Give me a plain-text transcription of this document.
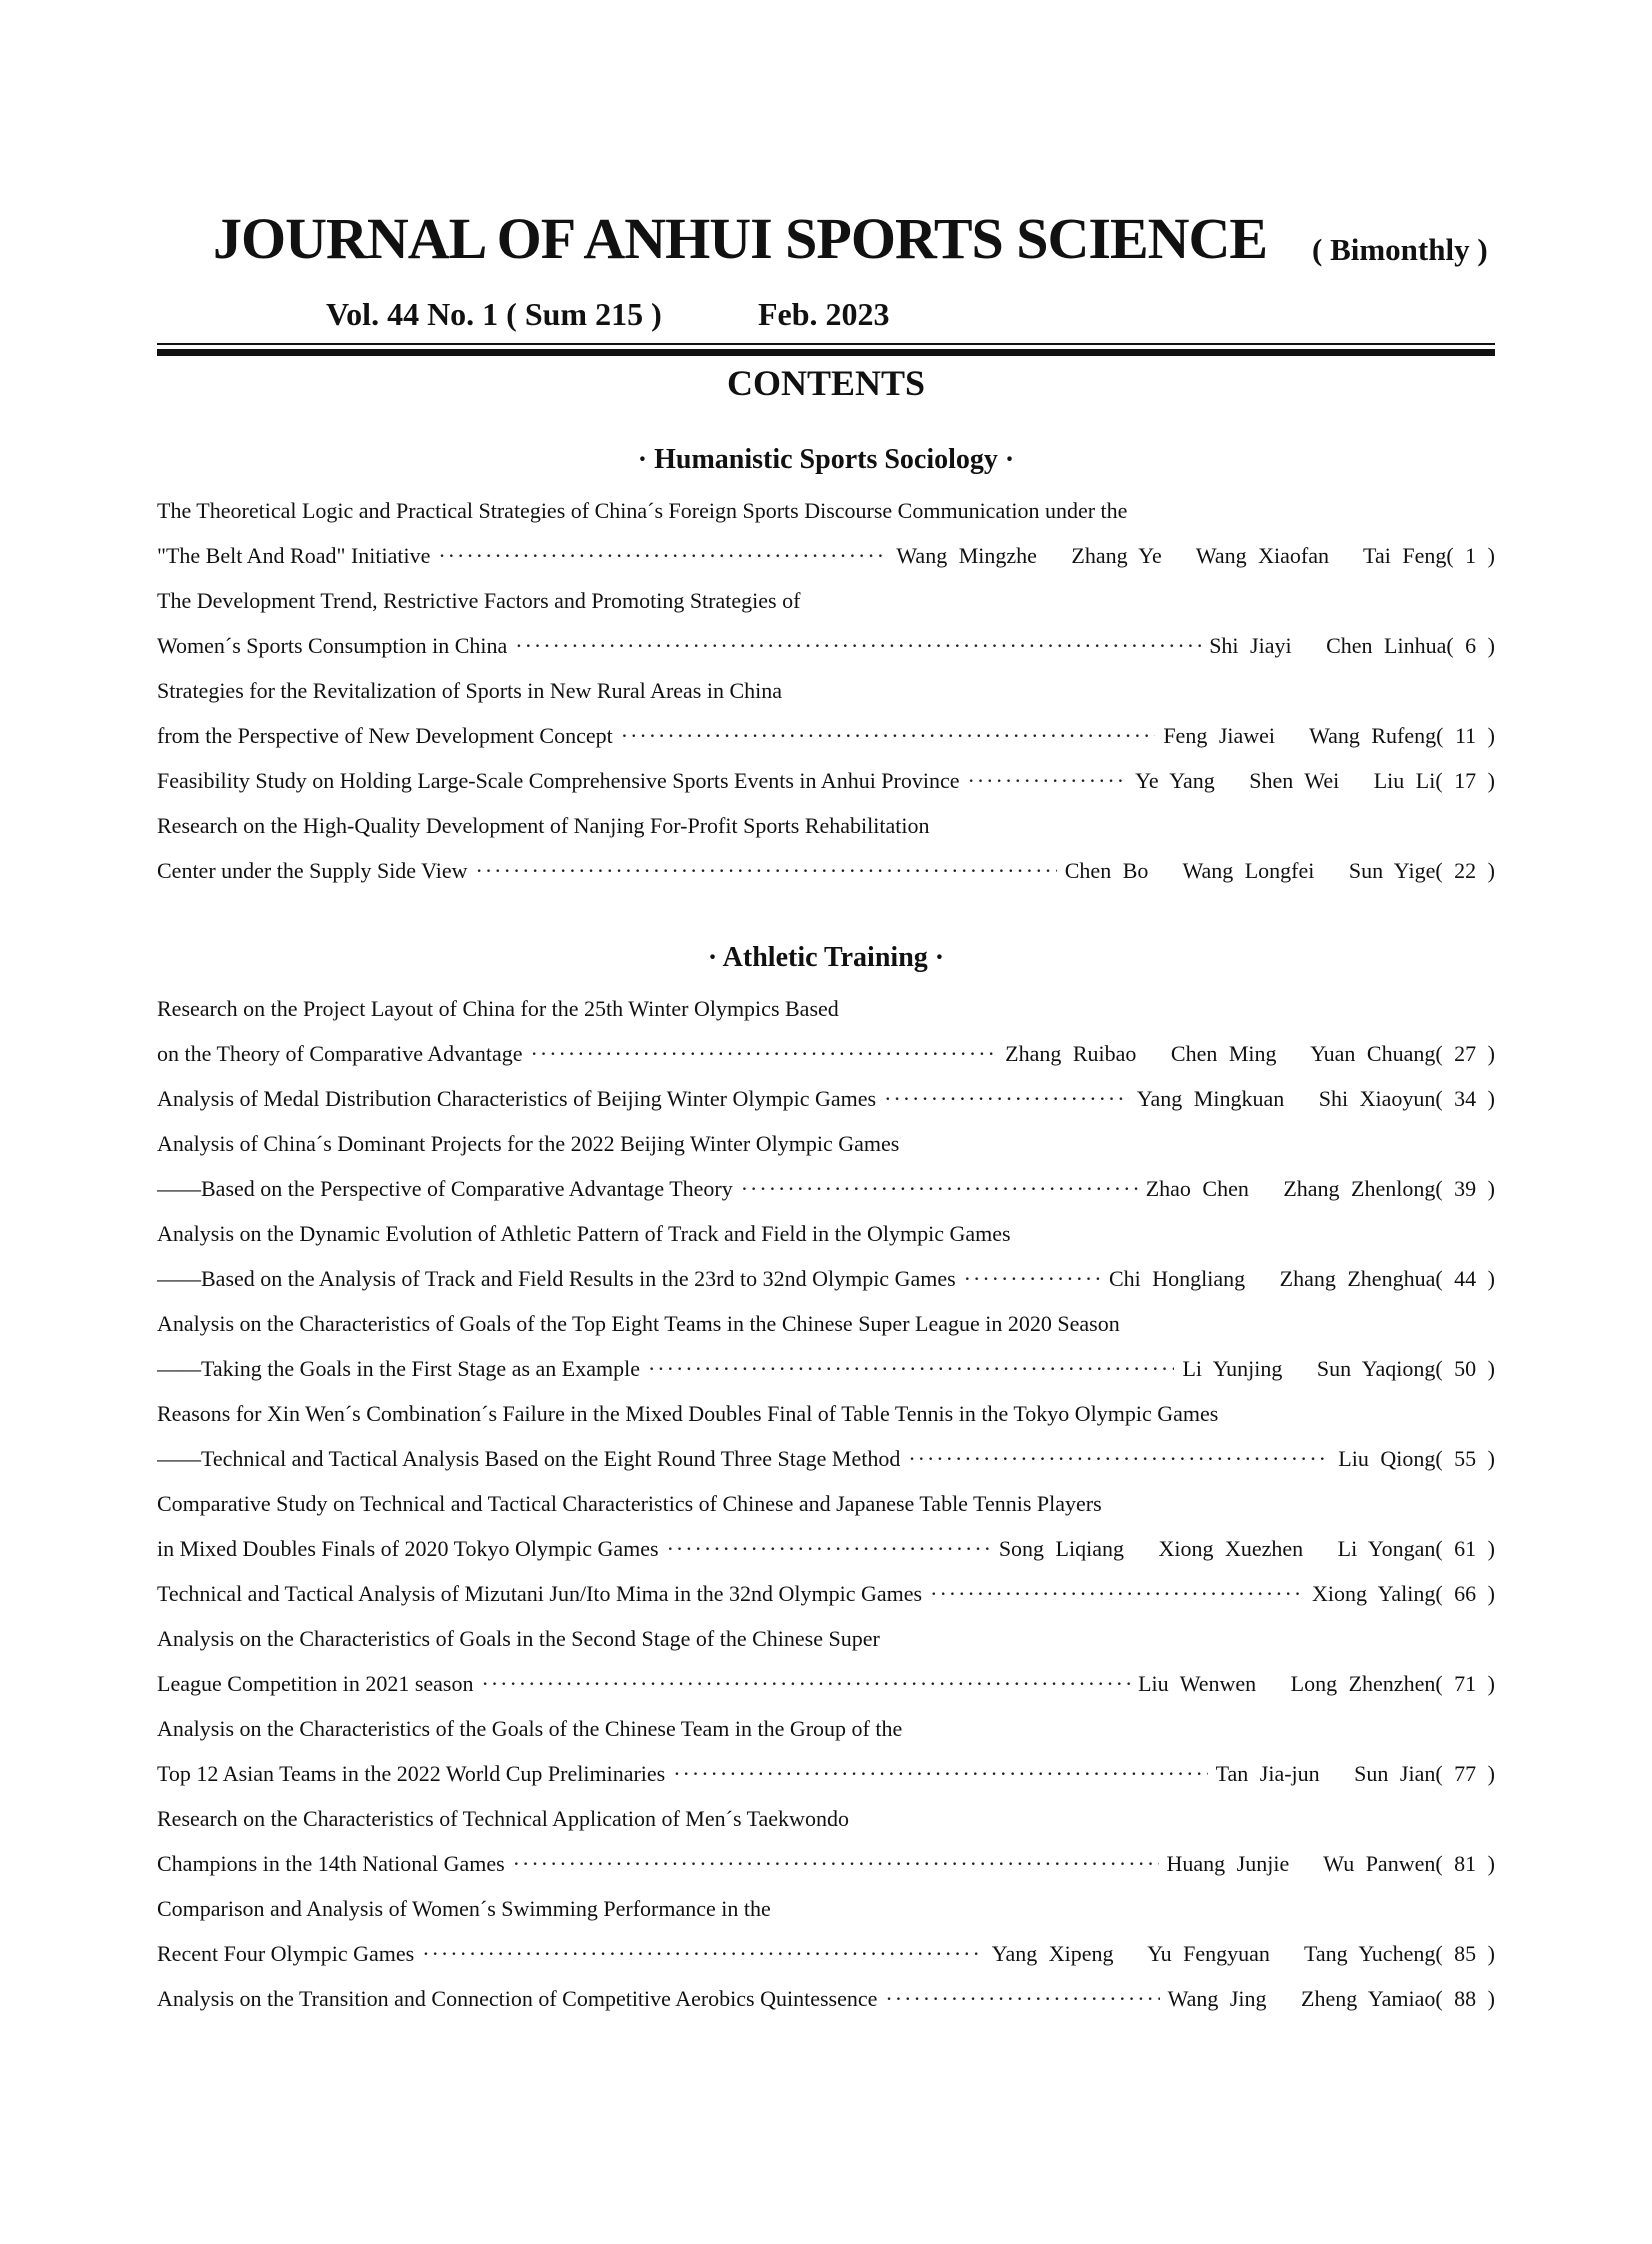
JOURNAL OF ANHUI SPORTS SCIENCE ( Bimonthly )
Vol. 44 No. 1 ( Sum 215 )	Feb. 2023
CONTENTS
· Humanistic Sports Sociology ·
The Theoretical Logic and Practical Strategies of China´s Foreign Sports Discourse Communication under the
"The Belt And Road" Initiative ·····	Wang Mingzhe   Zhang Ye   Wang Xiaofan   Tai Feng( 1 )
The Development Trend, Restrictive Factors and Promoting Strategies of
Women´s Sports Consumption in China ·····	Shi Jiayi   Chen Linhua( 6 )
Strategies for the Revitalization of Sports in New Rural Areas in China
from the Perspective of New Development Concept ·····	Feng Jiawei   Wang Rufeng( 11 )
Feasibility Study on Holding Large-Scale Comprehensive Sports Events in Anhui Province ·····	Ye Yang   Shen Wei   Liu Li( 17 )
Research on the High-Quality Development of Nanjing For-Profit Sports Rehabilitation
Center under the Supply Side View ·····	Chen Bo   Wang Longfei   Sun Yige( 22 )
· Athletic Training ·
Research on the Project Layout of China for the 25th Winter Olympics Based
on the Theory of Comparative Advantage ·····	Zhang Ruibao   Chen Ming   Yuan Chuang( 27 )
Analysis of Medal Distribution Characteristics of Beijing Winter Olympic Games ·····	Yang Mingkuan   Shi Xiaoyun( 34 )
Analysis of China´s Dominant Projects for the 2022 Beijing Winter Olympic Games
——Based on the Perspective of Comparative Advantage Theory ·····	Zhao Chen   Zhang Zhenlong( 39 )
Analysis on the Dynamic Evolution of Athletic Pattern of Track and Field in the Olympic Games
——Based on the Analysis of Track and Field Results in the 23rd to 32nd Olympic Games ·····	Chi Hongliang   Zhang Zhenghua( 44 )
Analysis on the Characteristics of Goals of the Top Eight Teams in the Chinese Super League in 2020 Season
——Taking the Goals in the First Stage as an Example ·····	Li Yunjing   Sun Yaqiong( 50 )
Reasons for Xin Wen´s Combination´s Failure in the Mixed Doubles Final of Table Tennis in the Tokyo Olympic Games
——Technical and Tactical Analysis Based on the Eight Round Three Stage Method ·····	Liu Qiong( 55 )
Comparative Study on Technical and Tactical Characteristics of Chinese and Japanese Table Tennis Players
in Mixed Doubles Finals of 2020 Tokyo Olympic Games ·····	Song Liqiang   Xiong Xuezhen   Li Yongan( 61 )
Technical and Tactical Analysis of Mizutani Jun/Ito Mima in the 32nd Olympic Games ·····	Xiong Yaling( 66 )
Analysis on the Characteristics of Goals in the Second Stage of the Chinese Super
League Competition in 2021 season ·····	Liu Wenwen   Long Zhenzhen( 71 )
Analysis on the Characteristics of the Goals of the Chinese Team in the Group of the
Top 12 Asian Teams in the 2022 World Cup Preliminaries ·····	Tan Jia-jun   Sun Jian( 77 )
Research on the Characteristics of Technical Application of Men´s Taekwondo
Champions in the 14th National Games ·····	Huang Junjie   Wu Panwen( 81 )
Comparison and Analysis of Women´s Swimming Performance in the
Recent Four Olympic Games ·····	Yang Xipeng   Yu Fengyuan   Tang Yucheng( 85 )
Analysis on the Transition and Connection of Competitive Aerobics Quintessence ·····	Wang Jing   Zheng Yamiao( 88 )
